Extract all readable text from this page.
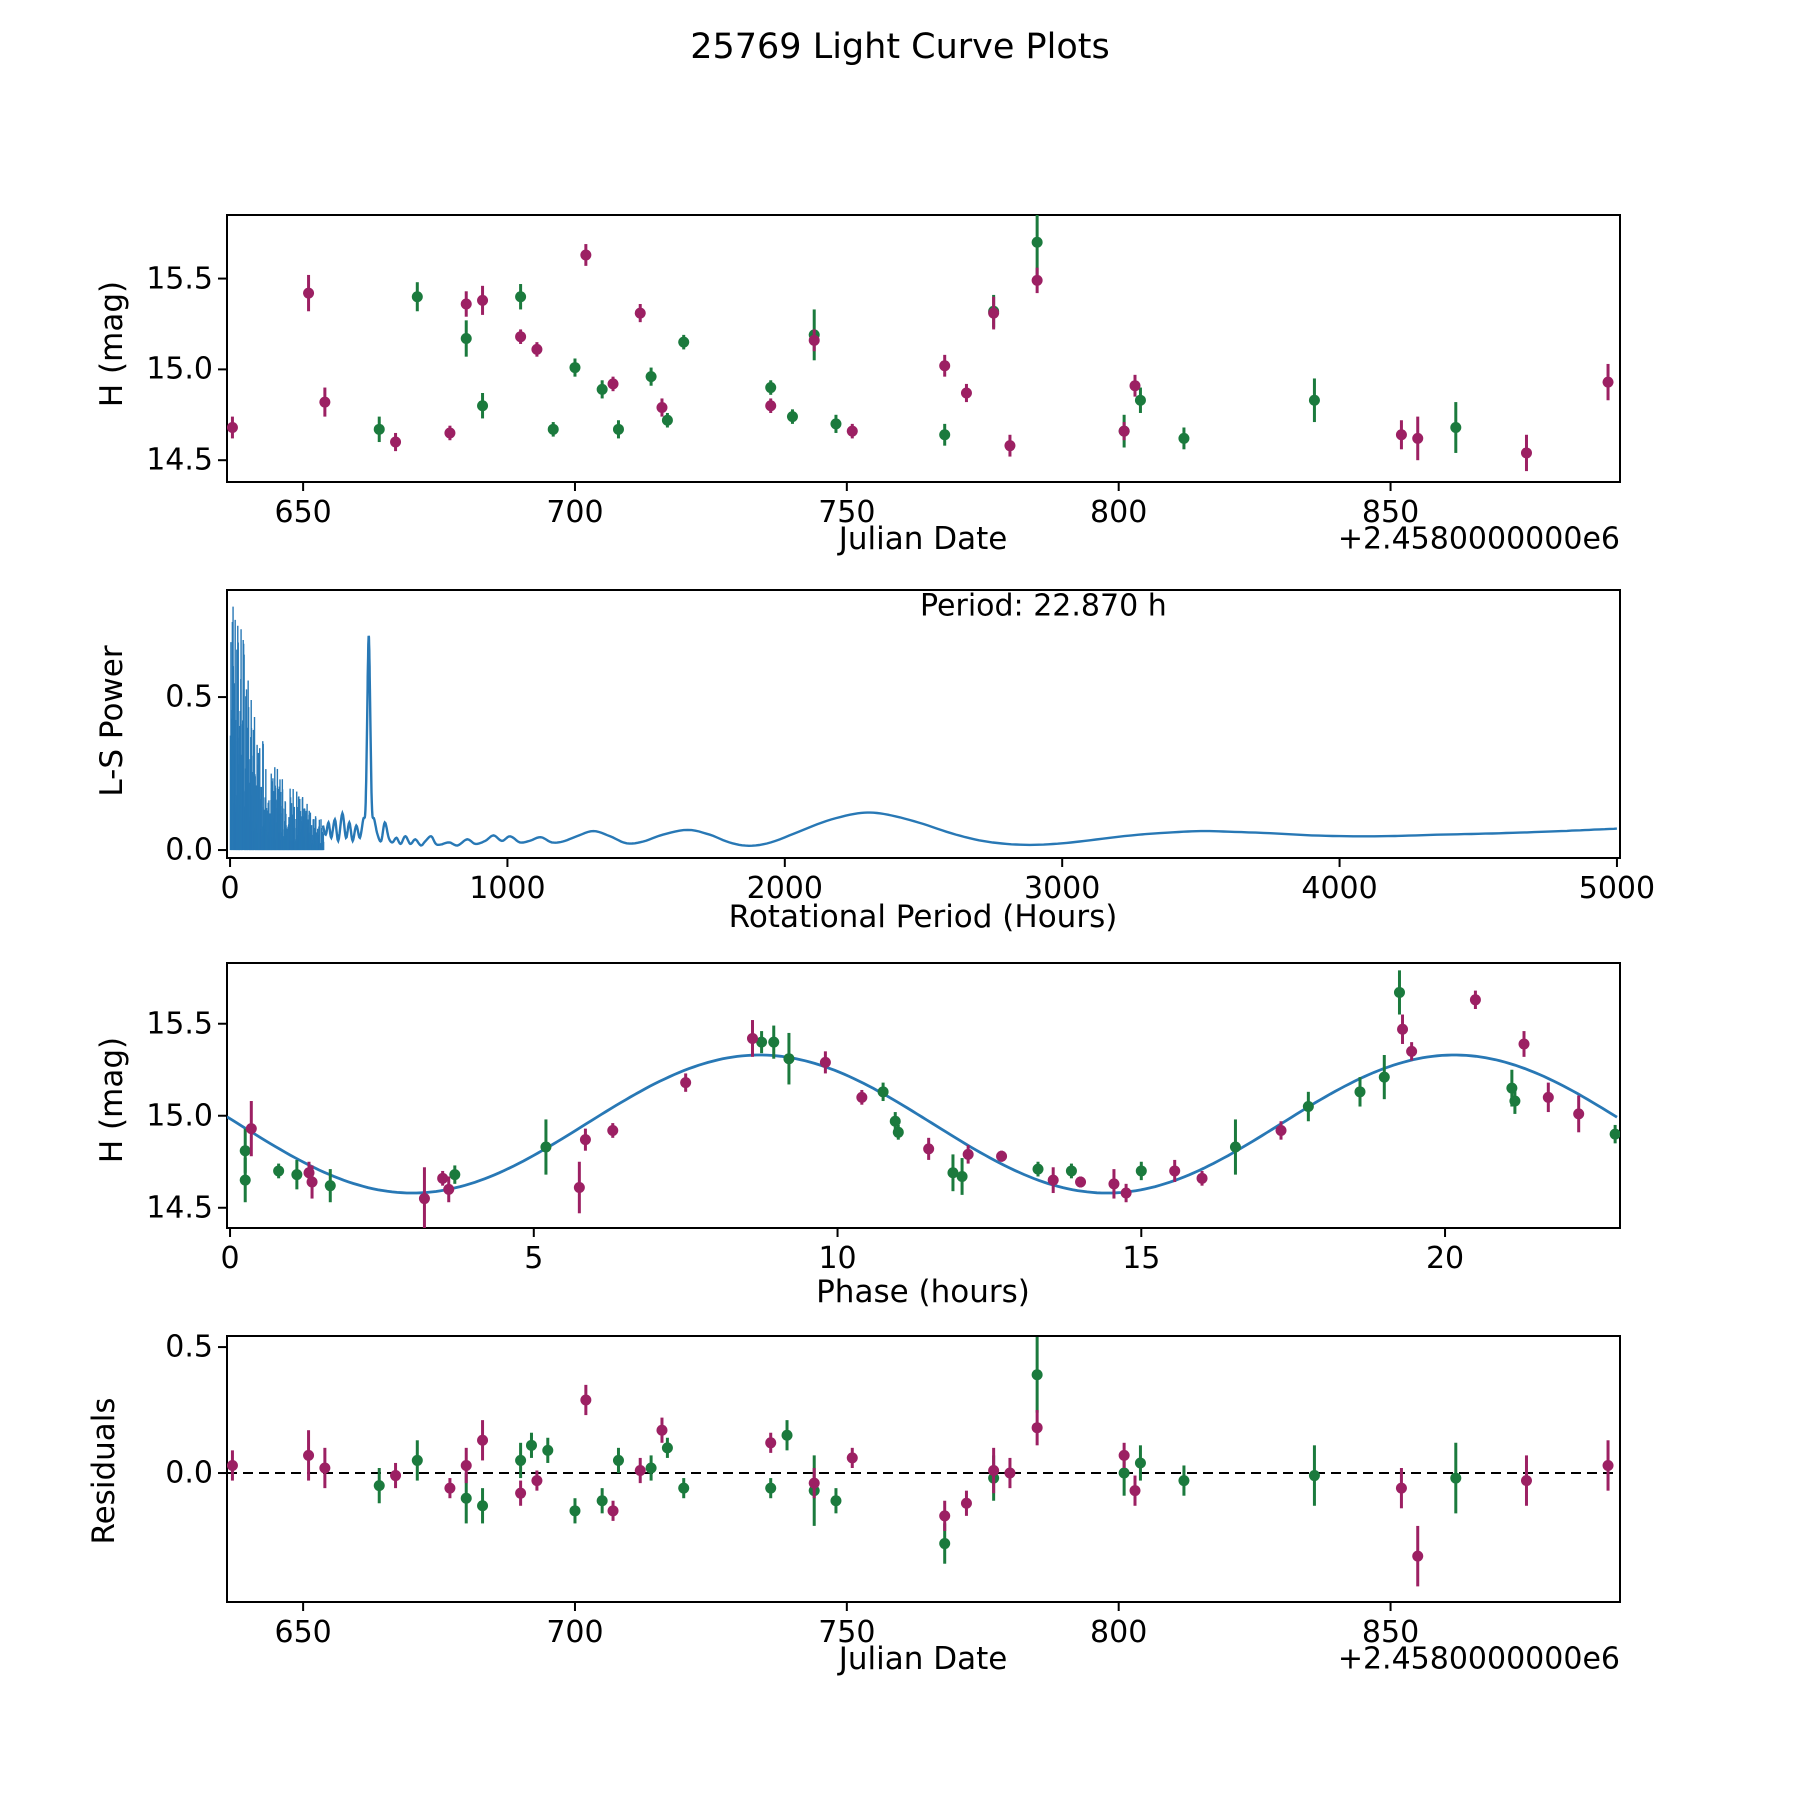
25769 Light Curve Plots
H (mag)
Julian Date	+2.4580000000e6
L-S Power
Rotational Period (Hours)
Period: 22.870 h
H (mag)
Phase (hours)
Residuals
Julian Date	+2.4580000000e6
650	700	750	800	850
14.5
15.0
15.5
0	1000	2000	3000	4000	5000
0.0
0.5
0	5	10	15	20
14.5
15.0
15.5
650	700	750	800	850
0.0
0.5
